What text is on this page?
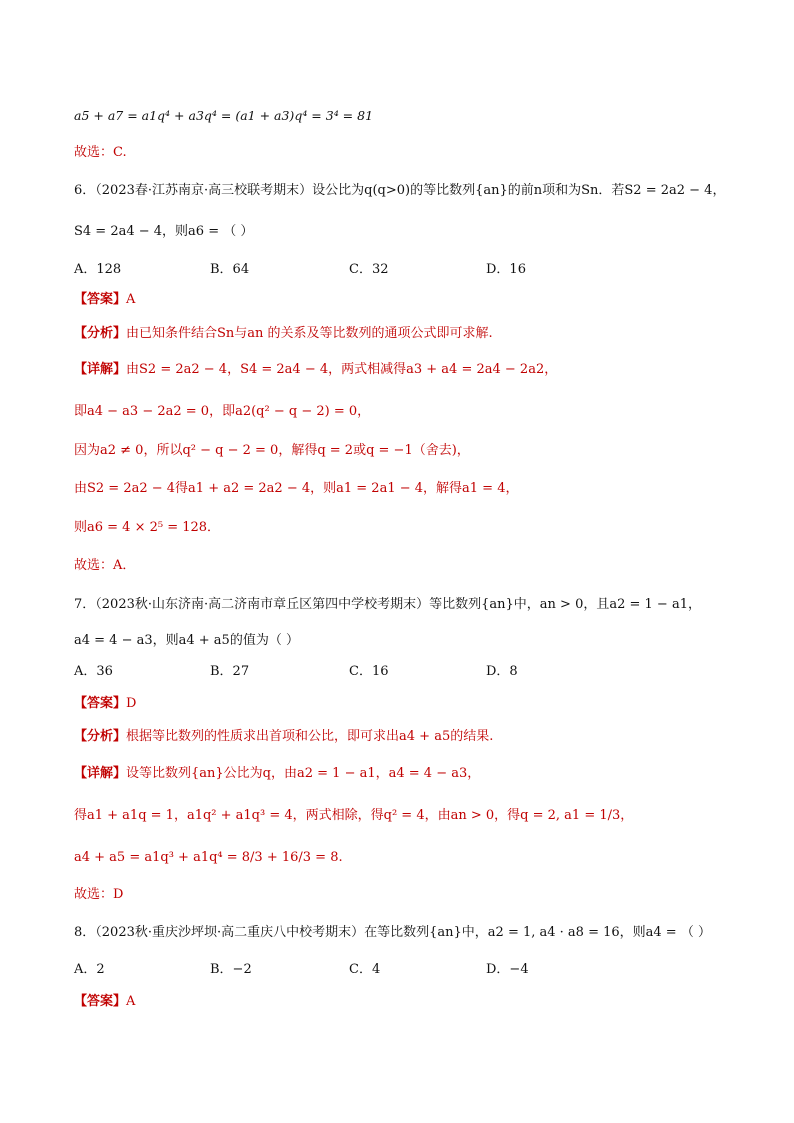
a5 + a7 = a1q⁴ + a3q⁴ = (a1 + a3)q⁴ = 3⁴ = 81
故选：C.
6．（2023春·江苏南京·高三校联考期末）设公比为q(q>0)的等比数列{an}的前n项和为Sn．若S2 = 2a2 − 4，
S4 = 2a4 − 4，则a6 = （ ）
A．128	B．64	C．32	D．16
【答案】A
【分析】由已知条件结合Sn与an 的关系及等比数列的通项公式即可求解.
【详解】由S2 = 2a2 − 4，S4 = 2a4 − 4，两式相减得a3 + a4 = 2a4 − 2a2，
即a4 − a3 − 2a2 = 0，即a2(q² − q − 2) = 0，
因为a2 ≠ 0，所以q² − q − 2 = 0，解得q = 2或q = −1（舍去)，
由S2 = 2a2 − 4得a1 + a2 = 2a2 − 4，则a1 = 2a1 − 4，解得a1 = 4，
则a6 = 4 × 2⁵ = 128．
故选：A．
7．（2023秋·山东济南·高二济南市章丘区第四中学校考期末）等比数列{an}中，an > 0，且a2 = 1 − a1，
a4 = 4 − a3，则a4 + a5的值为（ ）
A．36	B．27	C．16	D．8
【答案】D
【分析】根据等比数列的性质求出首项和公比，即可求出a4 + a5的结果.
【详解】设等比数列{an}公比为q，由a2 = 1 − a1，a4 = 4 − a3，
得a1 + a1q = 1，a1q² + a1q³ = 4，两式相除，得q² = 4，由an > 0，得q = 2, a1 = 1/3，
a4 + a5 = a1q³ + a1q⁴ = 8/3 + 16/3 = 8.
故选：D
8．（2023秋·重庆沙坪坝·高二重庆八中校考期末）在等比数列{an}中，a2 = 1, a4 · a8 = 16，则a4 = （ ）
A．2	B．−2	C．4	D．−4
【答案】A
